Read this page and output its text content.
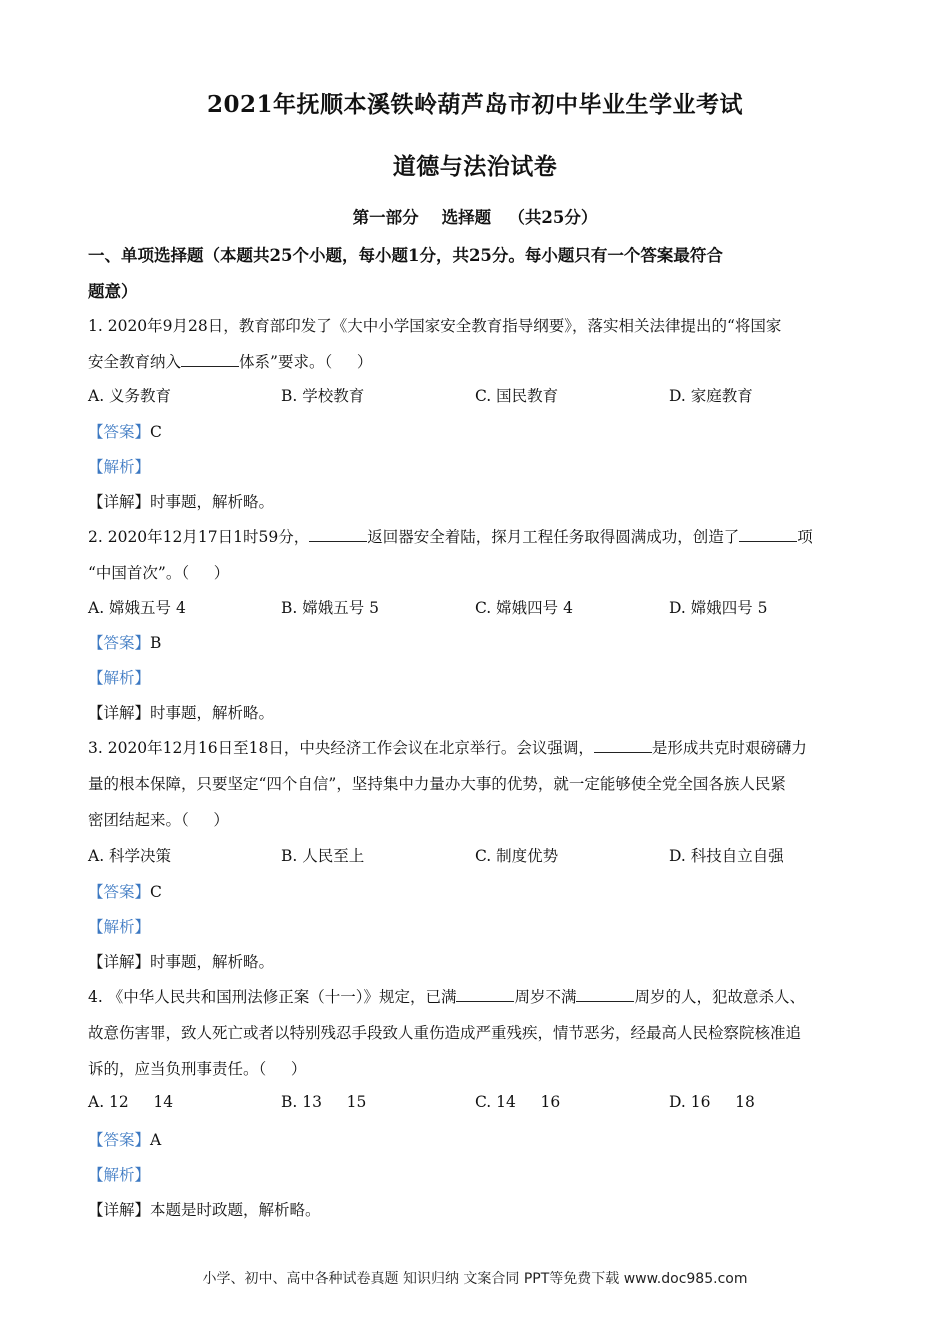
2021年抚顺本溪铁岭葫芦岛市初中毕业生学业考试
道德与法治试卷
第一部分    选择题   （共25分）
一、单项选择题（本题共25个小题，每小题1分，共25分。每小题只有一个答案最符合
题意）
1. 2020年9月28日，教育部印发了《大中小学国家安全教育指导纲要》，落实相关法律提出的“将国家
安全教育纳入	体系”要求。（     ）
A. 义务教育	B. 学校教育	C. 国民教育	D. 家庭教育
【答案】C
【解析】
【详解】时事题，解析略。
2. 2020年12月17日1时59分，	返回器安全着陆，探月工程任务取得圆满成功，创造了	项
“中国首次”。（     ）
A. 嫦娥五号 4	B. 嫦娥五号 5	C. 嫦娥四号 4	D. 嫦娥四号 5
【答案】B
【解析】
【详解】时事题，解析略。
3. 2020年12月16日至18日，中央经济工作会议在北京举行。会议强调，	是形成共克时艰磅礴力
量的根本保障，只要坚定“四个自信”，坚持集中力量办大事的优势，就一定能够使全党全国各族人民紧
密团结起来。（     ）
A. 科学决策	B. 人民至上	C. 制度优势	D. 科技自立自强
【答案】C
【解析】
【详解】时事题，解析略。
4. 《中华人民共和国刑法修正案（十一）》规定，已满	周岁不满	周岁的人，犯故意杀人、
故意伤害罪，致人死亡或者以特别残忍手段致人重伤造成严重残疾，情节恶劣，经最高人民检察院核准追
诉的，应当负刑事责任。（     ）
A. 12     14	B. 13     15	C. 14     16	D. 16     18
【答案】A
【解析】
【详解】本题是时政题，解析略。
小学、初中、高中各种试卷真题 知识归纳 文案合同 PPT等免费下载 www.doc985.com
